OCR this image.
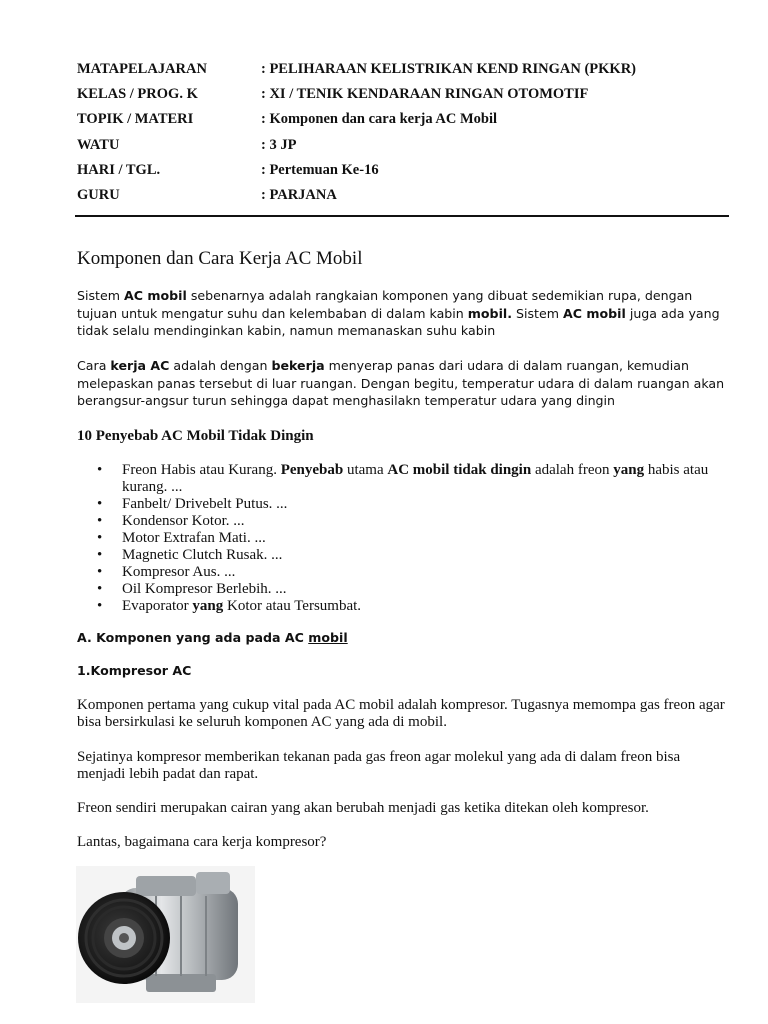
MATAPELAJARAN	: PELIHARAAN KELISTRIKAN KEND RINGAN (PKKR)
KELAS / PROG. K	: XI / TENIK KENDARAAN RINGAN OTOMOTIF
TOPIK / MATERI	: Komponen dan cara kerja AC Mobil
WATU	: 3 JP
HARI / TGL.	: Pertemuan Ke-16
GURU	: PARJANA
Komponen dan Cara Kerja AC Mobil
Sistem AC mobil sebenarnya adalah rangkaian komponen yang dibuat sedemikian rupa, dengan tujuan untuk mengatur suhu dan kelembaban di dalam kabin mobil. Sistem AC mobil juga ada yang tidak selalu mendinginkan kabin, namun memanaskan suhu kabin
Cara kerja AC adalah dengan bekerja menyerap panas dari udara di dalam ruangan, kemudian melepaskan panas tersebut di luar ruangan. Dengan begitu, temperatur udara di dalam ruangan akan berangsur-angsur turun sehingga dapat menghasilakn temperatur udara yang dingin
10 Penyebab AC Mobil Tidak Dingin
• Freon Habis atau Kurang. Penyebab utama AC mobil tidak dingin adalah freon yang habis atau kurang. ...
• Fanbelt/ Drivebelt Putus. ...
• Kondensor Kotor. ...
• Motor Extrafan Mati. ...
• Magnetic Clutch Rusak. ...
• Kompresor Aus. ...
• Oil Kompresor Berlebih. ...
• Evaporator yang Kotor atau Tersumbat.
A. Komponen yang ada pada AC mobil
1.Kompresor AC
Komponen pertama yang cukup vital pada AC mobil adalah kompresor. Tugasnya memompa gas freon agar bisa bersirkulasi ke seluruh komponen AC yang ada di mobil.
Sejatinya kompresor memberikan tekanan pada gas freon agar molekul yang ada di dalam freon bisa menjadi lebih padat dan rapat.
Freon sendiri merupakan cairan yang akan berubah menjadi gas ketika ditekan oleh kompresor.
Lantas, bagaimana cara kerja kompresor?
